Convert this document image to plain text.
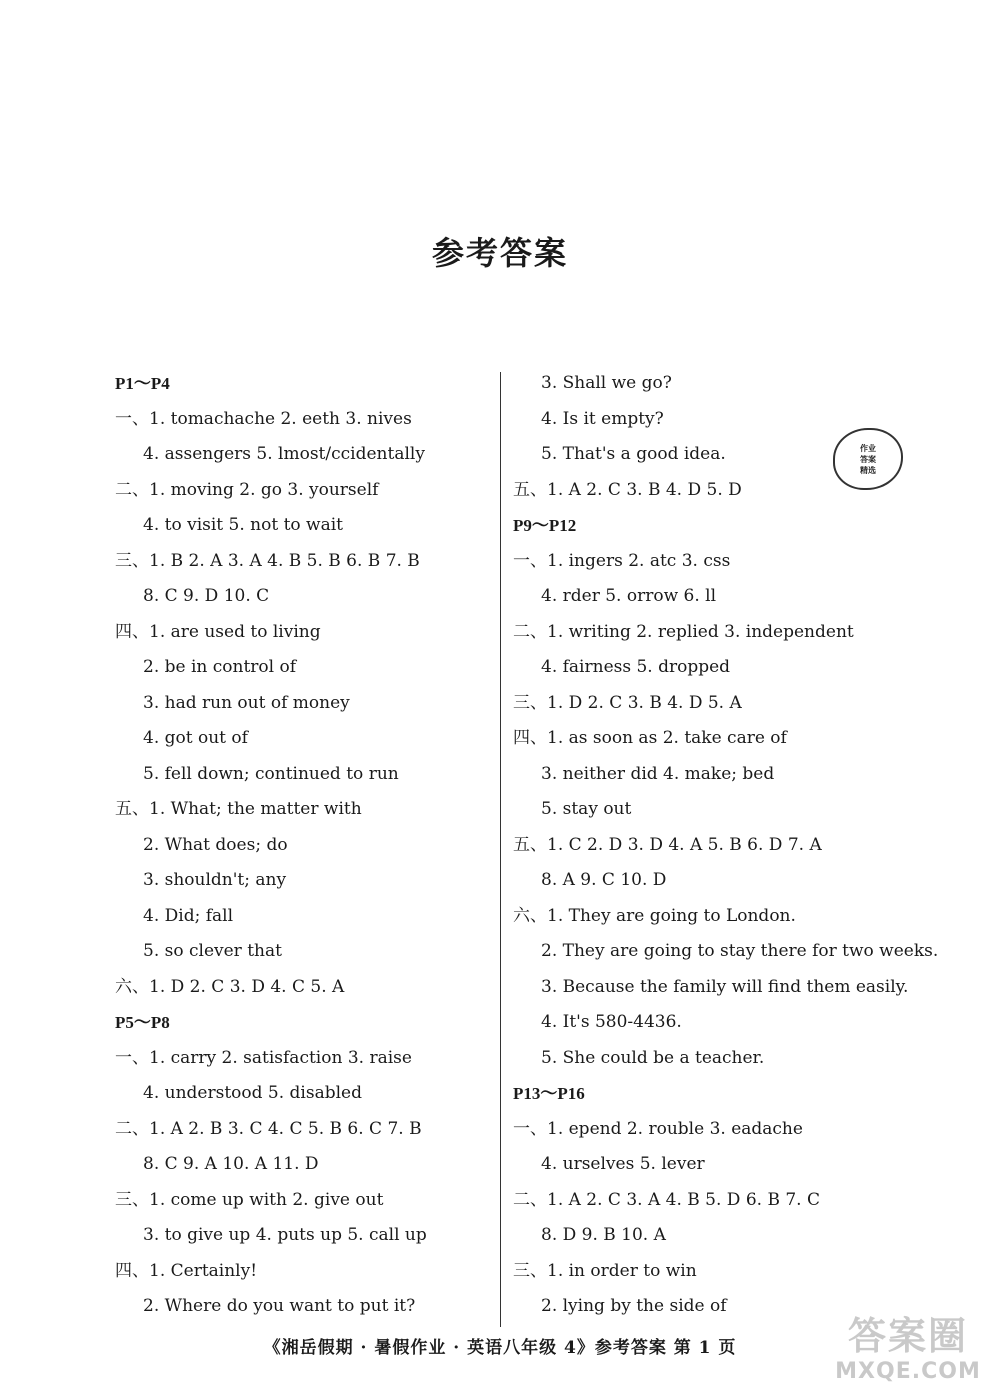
参考答案
P1～P4
一、1. tomachache 2. eeth 3. nives
4. assengers 5. lmost/ccidentally
二、1. moving 2. go 3. yourself
4. to visit 5. not to wait
三、1. B 2. A 3. A 4. B 5. B 6. B 7. B
8. C 9. D 10. C
四、1. are used to living
2. be in control of
3. had run out of money
4. got out of
5. fell down; continued to run
五、1. What; the matter with
2. What does; do
3. shouldn't; any
4. Did; fall
5. so clever that
六、1. D 2. C 3. D 4. C 5. A
P5～P8
一、1. carry 2. satisfaction 3. raise
4. understood 5. disabled
二、1. A 2. B 3. C 4. C 5. B 6. C 7. B
8. C 9. A 10. A 11. D
三、1. come up with 2. give out
3. to give up 4. puts up 5. call up
四、1. Certainly!
2. Where do you want to put it?
3. Shall we go?
4. Is it empty?
5. That's a good idea.
五、1. A 2. C 3. B 4. D 5. D
P9～P12
一、1. ingers 2. atc 3. css
4. rder 5. orrow 6. ll
二、1. writing 2. replied 3. independent
4. fairness 5. dropped
三、1. D 2. C 3. B 4. D 5. A
四、1. as soon as 2. take care of
3. neither did 4. make; bed
5. stay out
五、1. C 2. D 3. D 4. A 5. B 6. D 7. A
8. A 9. C 10. D
六、1. They are going to London.
2. They are going to stay there for two weeks.
3. Because the family will find them easily.
4. It's 580-4436.
5. She could be a teacher.
P13～P16
一、1. epend 2. rouble 3. eadache
4. urselves 5. lever
二、1. A 2. C 3. A 4. B 5. D 6. B 7. C
8. D 9. B 10. A
三、1. in order to win
2. lying by the side of
作业
答案
精选
《湘岳假期 · 暑假作业 · 英语八年级 4》参考答案 第 1 页	答案圈
MXQE.COM
